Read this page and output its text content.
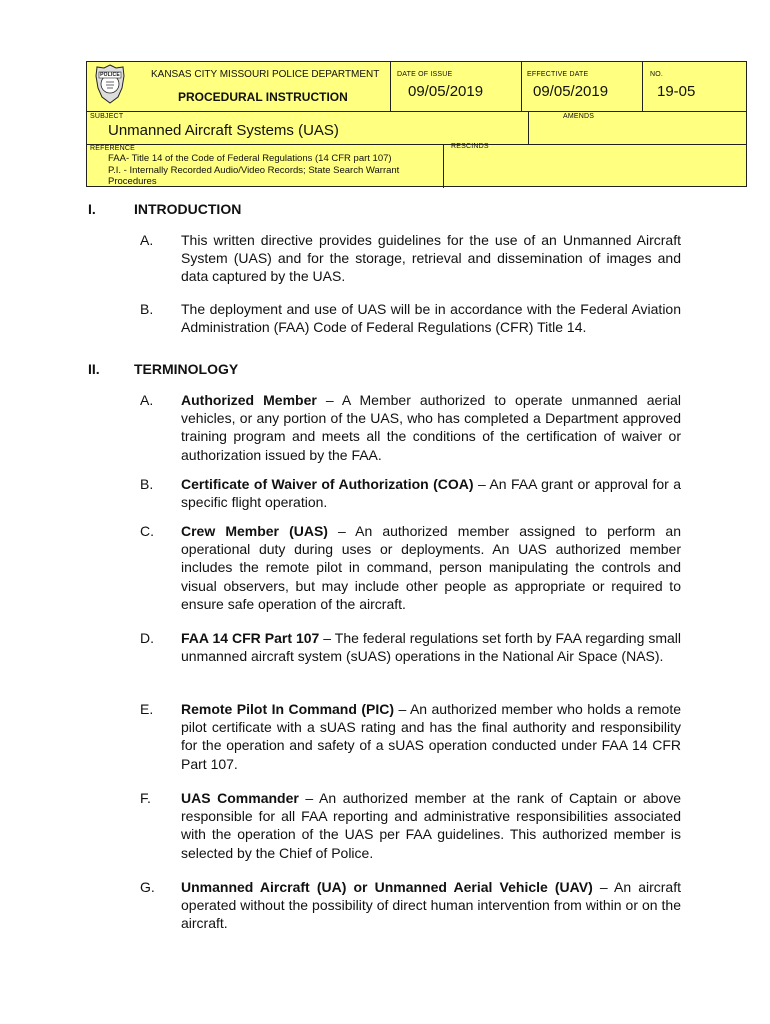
POLICE	KANSAS CITY MISSOURI POLICE DEPARTMENT
PROCEDURAL INSTRUCTION
DATE OF ISSUE
09/05/2019
EFFECTIVE DATE
09/05/2019
NO.
19-05
SUBJECT
Unmanned Aircraft Systems (UAS)
AMENDS
REFERENCE
FAA- Title 14 of the Code of Federal Regulations (14 CFR part 107)
P.I. - Internally Recorded Audio/Video Records; State Search Warrant
Procedures
RESCINDS
I.	INTRODUCTION
A. This written directive provides guidelines for the use of an Unmanned Aircraft System (UAS) and for the storage, retrieval and dissemination of images and data captured by the UAS.
B. The deployment and use of UAS will be in accordance with the Federal Aviation Administration (FAA) Code of Federal Regulations (CFR) Title 14.
II. TERMINOLOGY
A. Authorized Member – A Member authorized to operate unmanned aerial vehicles, or any portion of the UAS, who has completed a Department approved training program and meets all the conditions of the certification of waiver or authorization issued by the FAA.
B. Certificate of Waiver of Authorization (COA) – An FAA grant or approval for a specific flight operation.
C. Crew Member (UAS) – An authorized member assigned to perform an operational duty during uses or deployments. An UAS authorized member includes the remote pilot in command, person manipulating the controls and visual observers, but may include other people as appropriate or required to ensure safe operation of the aircraft.
D. FAA 14 CFR Part 107 – The federal regulations set forth by FAA regarding small unmanned aircraft system (sUAS) operations in the National Air Space (NAS).
E. Remote Pilot In Command (PIC) – An authorized member who holds a remote pilot certificate with a sUAS rating and has the final authority and responsibility for the operation and safety of a sUAS operation conducted under FAA 14 CFR Part 107.
F. UAS Commander – An authorized member at the rank of Captain or above responsible for all FAA reporting and administrative responsibilities associated with the operation of the UAS per FAA guidelines. This authorized member is selected by the Chief of Police.
G. Unmanned Aircraft (UA) or Unmanned Aerial Vehicle (UAV) – An aircraft operated without the possibility of direct human intervention from within or on the aircraft.
